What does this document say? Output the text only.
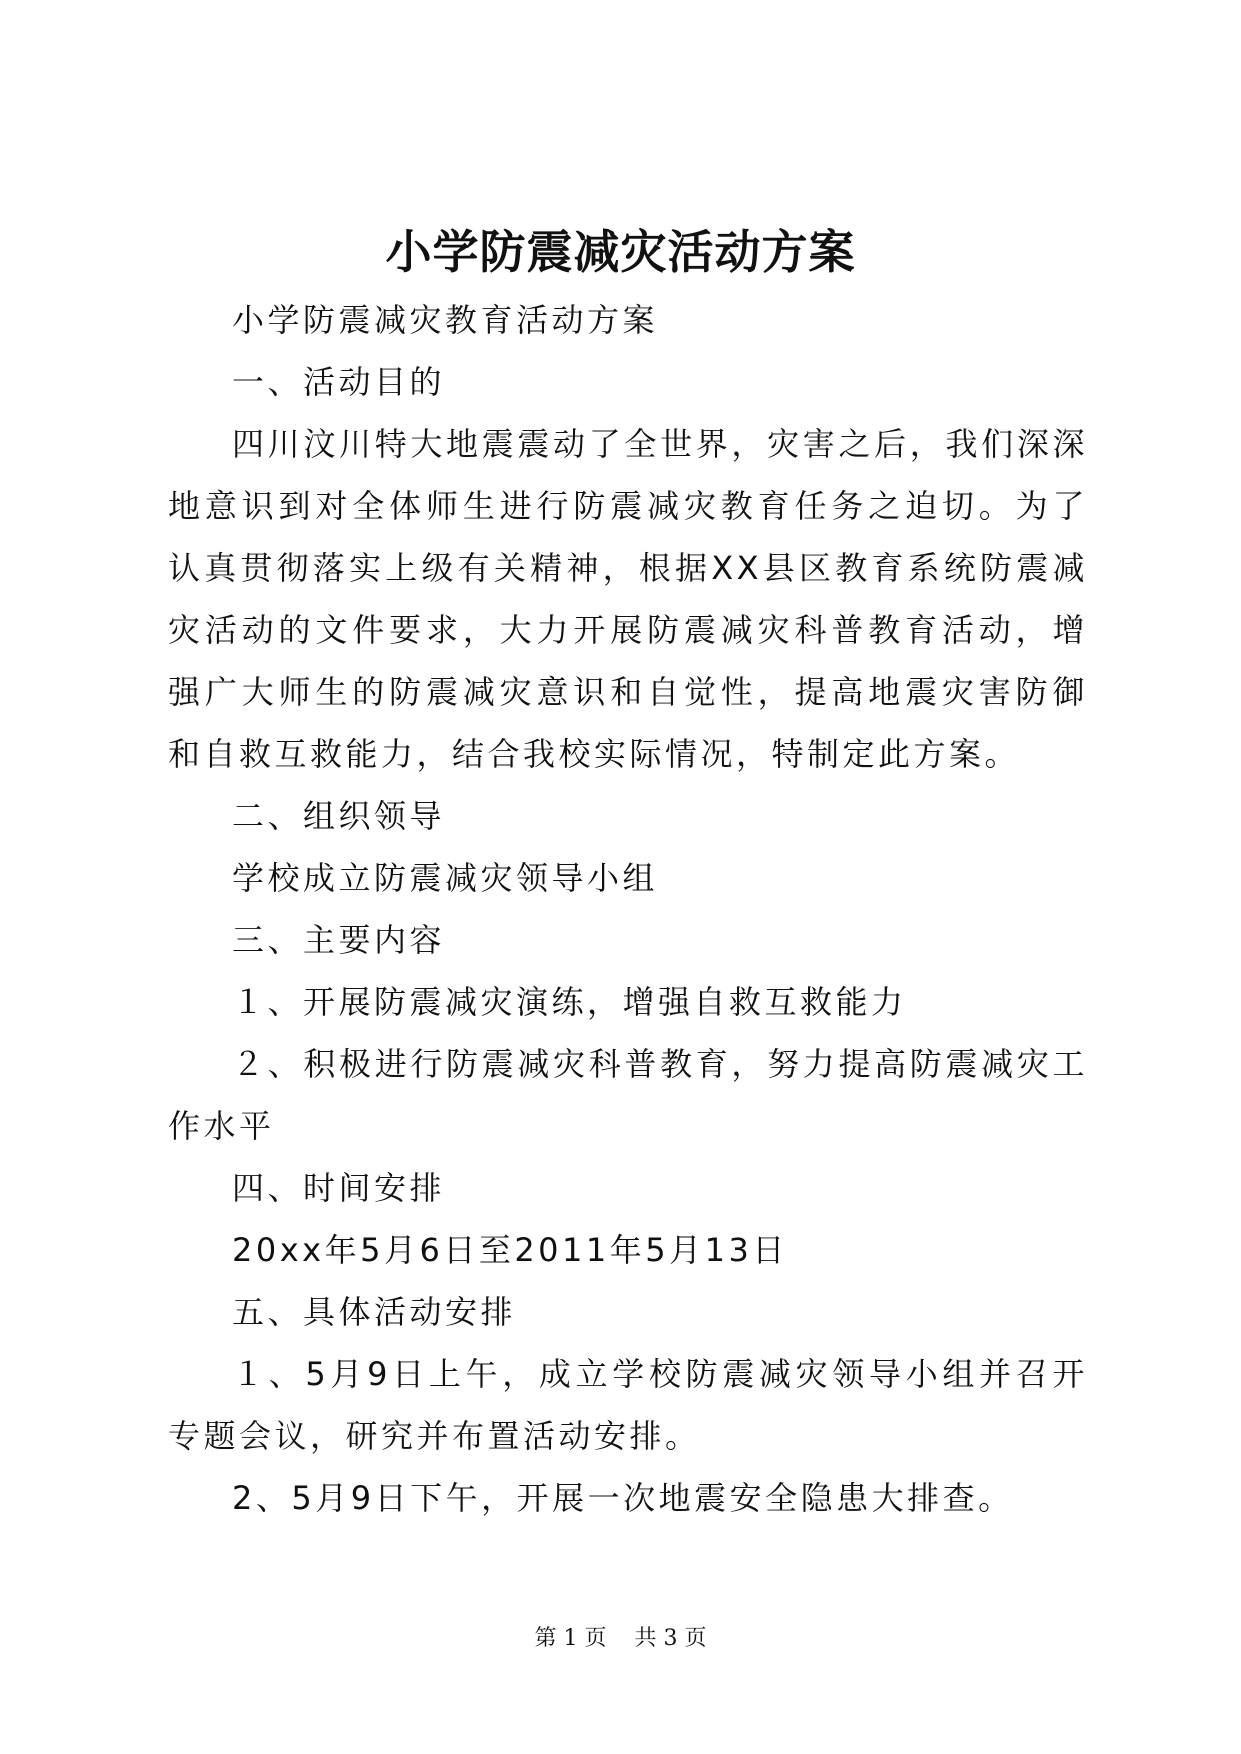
小学防震减灾活动方案

小学防震减灾教育活动方案

一、活动目的

四川汶川特大地震震动了全世界，灾害之后，我们深深地意识到对全体师生进行防震减灾教育任务之迫切。为了认真贯彻落实上级有关精神，根据XX县区教育系统防震减灾活动的文件要求，大力开展防震减灾科普教育活动，增强广大师生的防震减灾意识和自觉性，提高地震灾害防御和自救互救能力，结合我校实际情况，特制定此方案。

二、组织领导

学校成立防震减灾领导小组

三、主要内容

１、开展防震减灾演练，增强自救互救能力

２、积极进行防震减灾科普教育，努力提高防震减灾工作水平

四、时间安排

20xx年5月6日至2011年5月13日

五、具体活动安排

１、5月9日上午，成立学校防震减灾领导小组并召开专题会议，研究并布置活动安排。

2、5月9日下午，开展一次地震安全隐患大排查。

第 1 页 共 3 页
